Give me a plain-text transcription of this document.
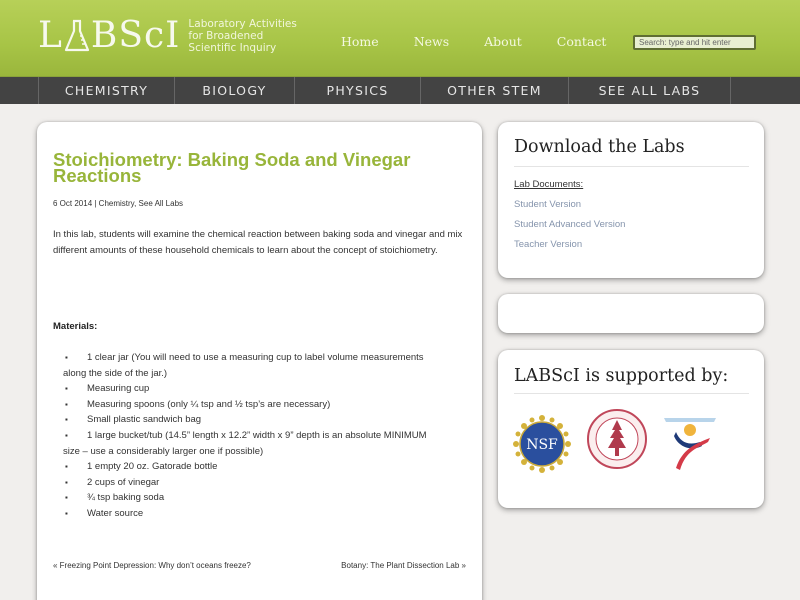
L BScI Laboratory Activities
for Broadened
Scientific Inquiry	Home	News	About	Contact	Search: type and hit enter
CHEMISTRY	BIOLOGY	PHYSICS	OTHER STEM	SEE ALL LABS
Stoichiometry: Baking Soda and Vinegar Reactions
6 Oct 2014 | Chemistry, See All Labs

In this lab, students will examine the chemical reaction between baking soda and vinegar and mix different amounts of these household chemicals to learn about the concept of stoichiometry.

Materials:
▪ 1 clear jar (You will need to use a measuring cup to label volume measurements
along the side of the jar.)
▪ Measuring cup
▪ Measuring spoons (only ¼ tsp and ½ tsp’s are necessary)
▪ Small plastic sandwich bag
▪ 1 large bucket/tub (14.5” length x 12.2” width x 9” depth is an absolute MINIMUM
size – use a considerably larger one if possible)
▪ 1 empty 20 oz. Gatorade bottle
▪ 2 cups of vinegar
▪ ¾ tsp baking soda
▪ Water source
« Freezing Point Depression: Why don’t oceans freeze?	Botany: The Plant Dissection Lab »
Download the Labs
Lab Documents:
Student Version
Student Advanced Version
Teacher Version
LABScI is supported by:
NSF
